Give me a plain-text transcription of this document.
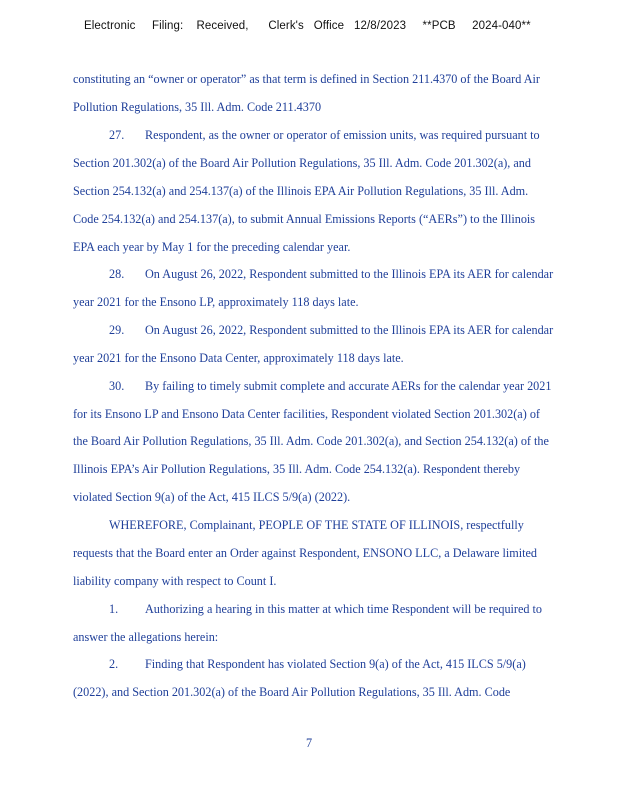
Electronic     Filing:    Received,      Clerk's   Office   12/8/2023     **PCB     2024-040**
constituting an “owner or operator” as that term is defined in Section 211.4370 of the Board Air
Pollution Regulations, 35 Ill. Adm. Code 211.4370
27. Respondent, as the owner or operator of emission units, was required pursuant to
Section 201.302(a) of the Board Air Pollution Regulations, 35 Ill. Adm. Code 201.302(a), and
Section 254.132(a) and 254.137(a) of the Illinois EPA Air Pollution Regulations, 35 Ill. Adm.
Code 254.132(a) and 254.137(a), to submit Annual Emissions Reports (“AERs”) to the Illinois
EPA each year by May 1 for the preceding calendar year.
28. On August 26, 2022, Respondent submitted to the Illinois EPA its AER for calendar
year 2021 for the Ensono LP, approximately 118 days late.
29. On August 26, 2022, Respondent submitted to the Illinois EPA its AER for calendar
year 2021 for the Ensono Data Center, approximately 118 days late.
30. By failing to timely submit complete and accurate AERs for the calendar year 2021
for its Ensono LP and Ensono Data Center facilities, Respondent violated Section 201.302(a) of
the Board Air Pollution Regulations, 35 Ill. Adm. Code 201.302(a), and Section 254.132(a) of the
Illinois EPA’s Air Pollution Regulations, 35 Ill. Adm. Code 254.132(a). Respondent thereby
violated Section 9(a) of the Act, 415 ILCS 5/9(a) (2022).
WHEREFORE, Complainant, PEOPLE OF THE STATE OF ILLINOIS, respectfully
requests that the Board enter an Order against Respondent, ENSONO LLC, a Delaware limited
liability company with respect to Count I.
1. Authorizing a hearing in this matter at which time Respondent will be required to
answer the allegations herein:
2. Finding that Respondent has violated Section 9(a) of the Act, 415 ILCS 5/9(a)
(2022), and Section 201.302(a) of the Board Air Pollution Regulations, 35 Ill. Adm. Code
7
